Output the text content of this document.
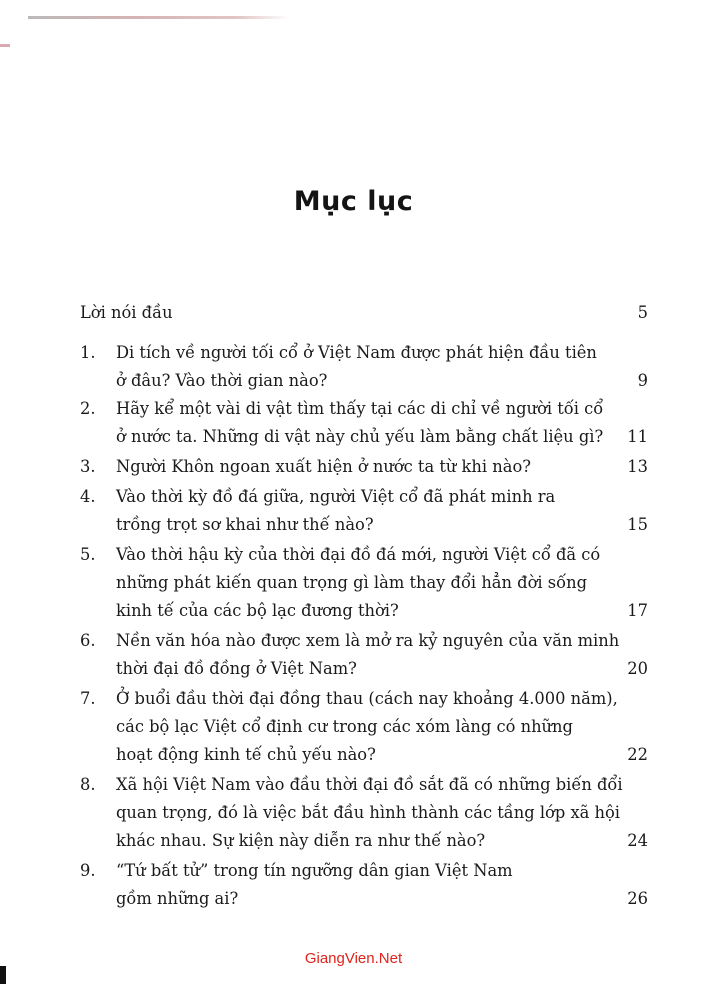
Mục lục
Lời nói đầu	5
1.	Di tích về người tối cổ ở Việt Nam được phát hiện đầu tiên
ở đâu? Vào thời gian nào?	9
2.	Hãy kể một vài di vật tìm thấy tại các di chỉ về người tối cổ
ở nước ta. Những di vật này chủ yếu làm bằng chất liệu gì? 11
3.	Người Khôn ngoan xuất hiện ở nước ta từ khi nào?	13
4.	Vào thời kỳ đồ đá giữa, người Việt cổ đã phát minh ra
trồng trọt sơ khai như thế nào?	15
5.	Vào thời hậu kỳ của thời đại đồ đá mới, người Việt cổ đã có
những phát kiến quan trọng gì làm thay đổi hẳn đời sống
kinh tế của các bộ lạc đương thời?	17
6.	Nền văn hóa nào được xem là mở ra kỷ nguyên của văn minh
thời đại đồ đồng ở Việt Nam?	20
7.	Ở buổi đầu thời đại đồng thau (cách nay khoảng 4.000 năm),
các bộ lạc Việt cổ định cư trong các xóm làng có những
hoạt động kinh tế chủ yếu nào?	22
8.	Xã hội Việt Nam vào đầu thời đại đồ sắt đã có những biến đổi
quan trọng, đó là việc bắt đầu hình thành các tầng lớp xã hội
khác nhau. Sự kiện này diễn ra như thế nào?	24
9.	“Tứ bất tử” trong tín ngưỡng dân gian Việt Nam
gồm những ai?	26
GiangVien.Net
